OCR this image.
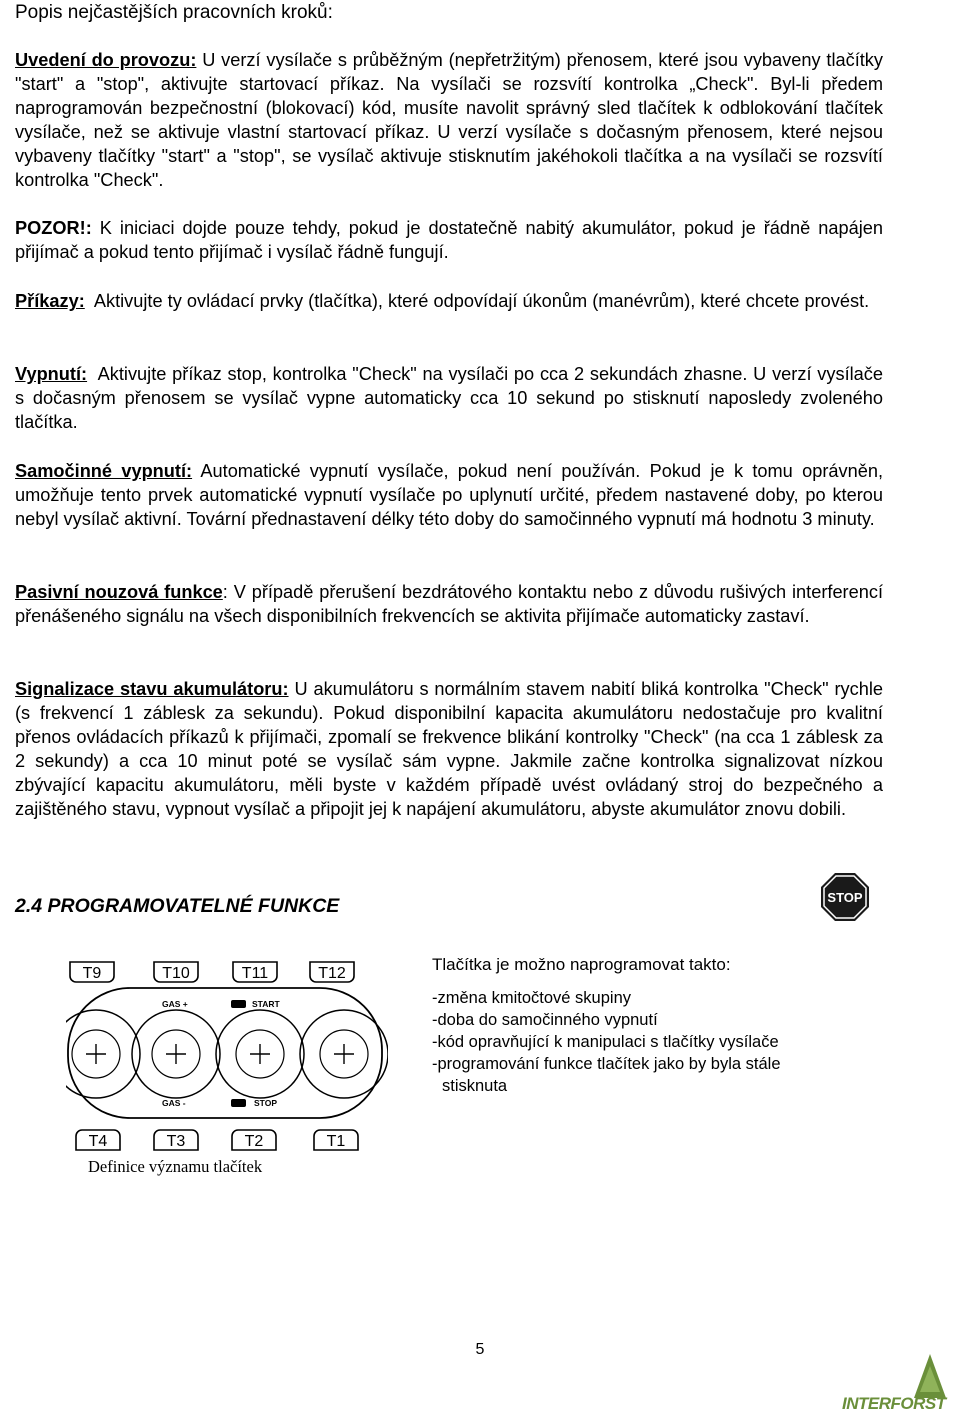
Popis nejčastějších pracovních kroků:
Uvedení do provozu: U verzí vysílače s průběžným (nepřetržitým) přenosem, které jsou vybaveny tlačítky "start" a "stop", aktivujte startovací příkaz. Na vysílači se rozsvítí kontrolka „Check". Byl-li předem naprogramován bezpečnostní (blokovací) kód, musíte navolit správný sled tlačítek k odblokování tlačítek vysílače, než se aktivuje vlastní startovací příkaz. U verzí vysílače s dočasným přenosem, které nejsou vybaveny tlačítky "start" a "stop", se vysílač aktivuje stisknutím jakéhokoli tlačítka a na vysílači se rozsvítí kontrolka "Check".
POZOR!: K iniciaci dojde pouze tehdy, pokud je dostatečně nabitý akumulátor, pokud je řádně napájen přijímač a pokud tento přijímač i vysílač řádně fungují.
Příkazy:  Aktivujte ty ovládací prvky (tlačítka), které odpovídají úkonům (manévrům), které chcete provést.
Vypnutí:  Aktivujte příkaz stop, kontrolka "Check" na vysílači po cca 2 sekundách zhasne. U verzí vysílače s dočasným přenosem se vysílač vypne automaticky cca 10 sekund po stisknutí naposledy zvoleného tlačítka.
Samočinné vypnutí: Automatické vypnutí vysílače, pokud není používán. Pokud je k tomu oprávněn, umožňuje tento prvek automatické vypnutí vysílače po uplynutí určité, předem nastavené doby, po kterou nebyl vysílač aktivní. Tovární přednastavení délky této doby do samočinného vypnutí má hodnotu 3 minuty.
Pasivní nouzová funkce: V případě přerušení bezdrátového kontaktu nebo z důvodu rušivých interferencí přenášeného signálu na všech disponibilních frekvencích se aktivita přijímače automaticky zastaví.
Signalizace stavu akumulátoru: U akumulátoru s normálním stavem nabití bliká kontrolka "Check" rychle (s frekvencí 1 záblesk za sekundu). Pokud disponibilní kapacita akumulátoru nedostačuje pro kvalitní přenos ovládacích příkazů k přijímači, zpomalí se frekvence blikání kontrolky "Check" (na cca 1 záblesk za 2 sekundy) a cca 10 minut poté se vysílač sám vypne. Jakmile začne kontrolka signalizovat nízkou zbývající kapacitu akumulátoru, měli byste v každém případě uvést ovládaný stroj do bezpečného a zajištěného stavu, vypnout vysílač a připojit jej k napájení akumulátoru, abyste akumulátor znovu dobili.
2.4 PROGRAMOVATELNÉ FUNKCE	STOP
Tlačítka je možno naprogramovat takto:
-změna kmitočtové skupiny
-doba do samočinného vypnutí
-kód opravňující k manipulaci s tlačítky vysílače
-programování funkce tlačítek jako by byla stále
stisknuta
T9	T10	T11	T12
GAS +	START
GAS -	STOP
T4	T3	T2	T1
Definice významu tlačítek
5
INTERFORST
